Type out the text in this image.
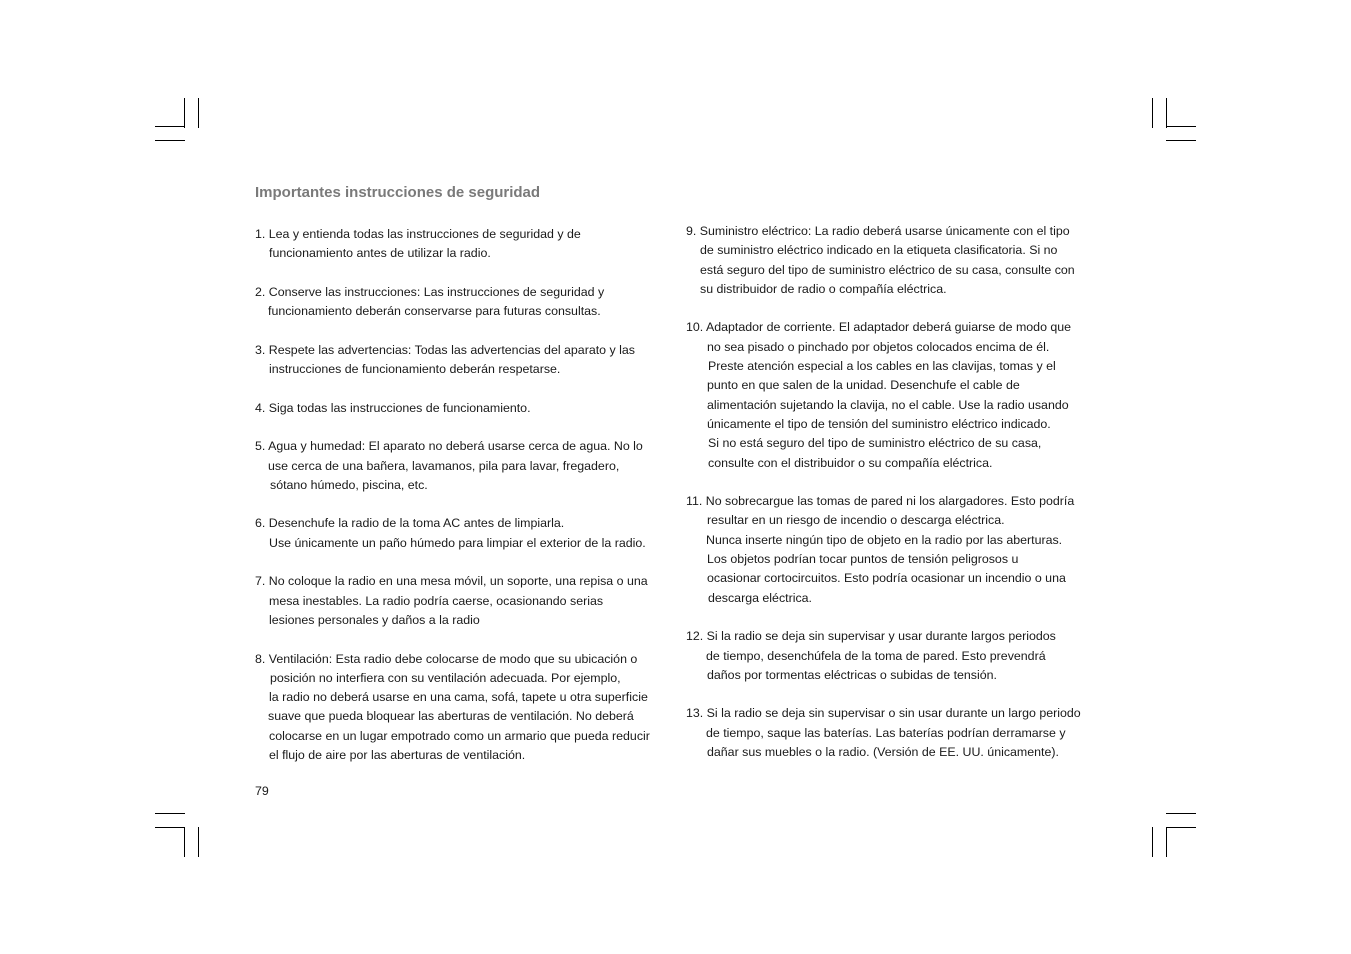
Importantes instrucciones de seguridad
1. Lea y entienda todas las instrucciones de seguridad y de
funcionamiento antes de utilizar la radio.
2. Conserve las instrucciones: Las instrucciones de seguridad y
funcionamiento deberán conservarse para futuras consultas.
3. Respete las advertencias: Todas las advertencias del aparato y las
instrucciones de funcionamiento deberán respetarse.
4. Siga todas las instrucciones de funcionamiento.
5. Agua y humedad: El aparato no deberá usarse cerca de agua. No lo
use cerca de una bañera, lavamanos, pila para lavar, fregadero,
sótano húmedo, piscina, etc.
6. Desenchufe la radio de la toma AC antes de limpiarla.
Use únicamente un paño húmedo para limpiar el exterior de la radio.
7. No coloque la radio en una mesa móvil, un soporte, una repisa o una
mesa inestables. La radio podría caerse, ocasionando serias
lesiones personales y daños a la radio
8. Ventilación: Esta radio debe colocarse de modo que su ubicación o
posición no interfiera con su ventilación adecuada. Por ejemplo,
la radio no deberá usarse en una cama, sofá, tapete u otra superficie
suave que pueda bloquear las aberturas de ventilación. No deberá
colocarse en un lugar empotrado como un armario que pueda reducir
el flujo de aire por las aberturas de ventilación.
9. Suministro eléctrico: La radio deberá usarse únicamente con el tipo
de suministro eléctrico indicado en la etiqueta clasificatoria. Si no
está seguro del tipo de suministro eléctrico de su casa, consulte con
su distribuidor de radio o compañía eléctrica.
10. Adaptador de corriente. El adaptador deberá guiarse de modo que
no sea pisado o pinchado por objetos colocados encima de él.
Preste atención especial a los cables en las clavijas, tomas y el
punto en que salen de la unidad. Desenchufe el cable de
alimentación sujetando la clavija, no el cable. Use la radio usando
únicamente el tipo de tensión del suministro eléctrico indicado.
Si no está seguro del tipo de suministro eléctrico de su casa,
consulte con el distribuidor o su compañía eléctrica.
11. No sobrecargue las tomas de pared ni los alargadores. Esto podría
resultar en un riesgo de incendio o descarga eléctrica.
Nunca inserte ningún tipo de objeto en la radio por las aberturas.
Los objetos podrían tocar puntos de tensión peligrosos u
ocasionar cortocircuitos. Esto podría ocasionar un incendio o una
descarga eléctrica.
12. Si la radio se deja sin supervisar y usar durante largos periodos
de tiempo, desenchúfela de la toma de pared. Esto prevendrá
daños por tormentas eléctricas o subidas de tensión.
13. Si la radio se deja sin supervisar o sin usar durante un largo periodo
de tiempo, saque las baterías. Las baterías podrían derramarse y
dañar sus muebles o la radio. (Versión de EE. UU. únicamente).
79
